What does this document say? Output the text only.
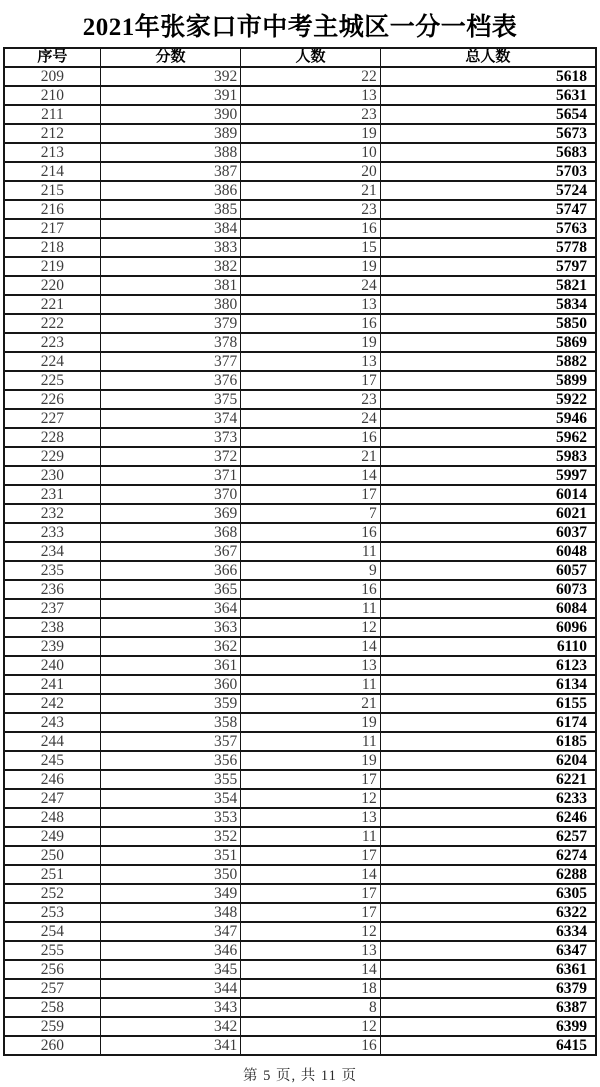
2021年张家口市中考主城区一分一档表
序号	分数	人数	总人数
209	392	22	5618
210	391	13	5631
211	390	23	5654
212	389	19	5673
213	388	10	5683
214	387	20	5703
215	386	21	5724
216	385	23	5747
217	384	16	5763
218	383	15	5778
219	382	19	5797
220	381	24	5821
221	380	13	5834
222	379	16	5850
223	378	19	5869
224	377	13	5882
225	376	17	5899
226	375	23	5922
227	374	24	5946
228	373	16	5962
229	372	21	5983
230	371	14	5997
231	370	17	6014
232	369	7	6021
233	368	16	6037
234	367	11	6048
235	366	9	6057
236	365	16	6073
237	364	11	6084
238	363	12	6096
239	362	14	6110
240	361	13	6123
241	360	11	6134
242	359	21	6155
243	358	19	6174
244	357	11	6185
245	356	19	6204
246	355	17	6221
247	354	12	6233
248	353	13	6246
249	352	11	6257
250	351	17	6274
251	350	14	6288
252	349	17	6305
253	348	17	6322
254	347	12	6334
255	346	13	6347
256	345	14	6361
257	344	18	6379
258	343	8	6387
259	342	12	6399
260	341	16	6415
第 5 页, 共 11 页
